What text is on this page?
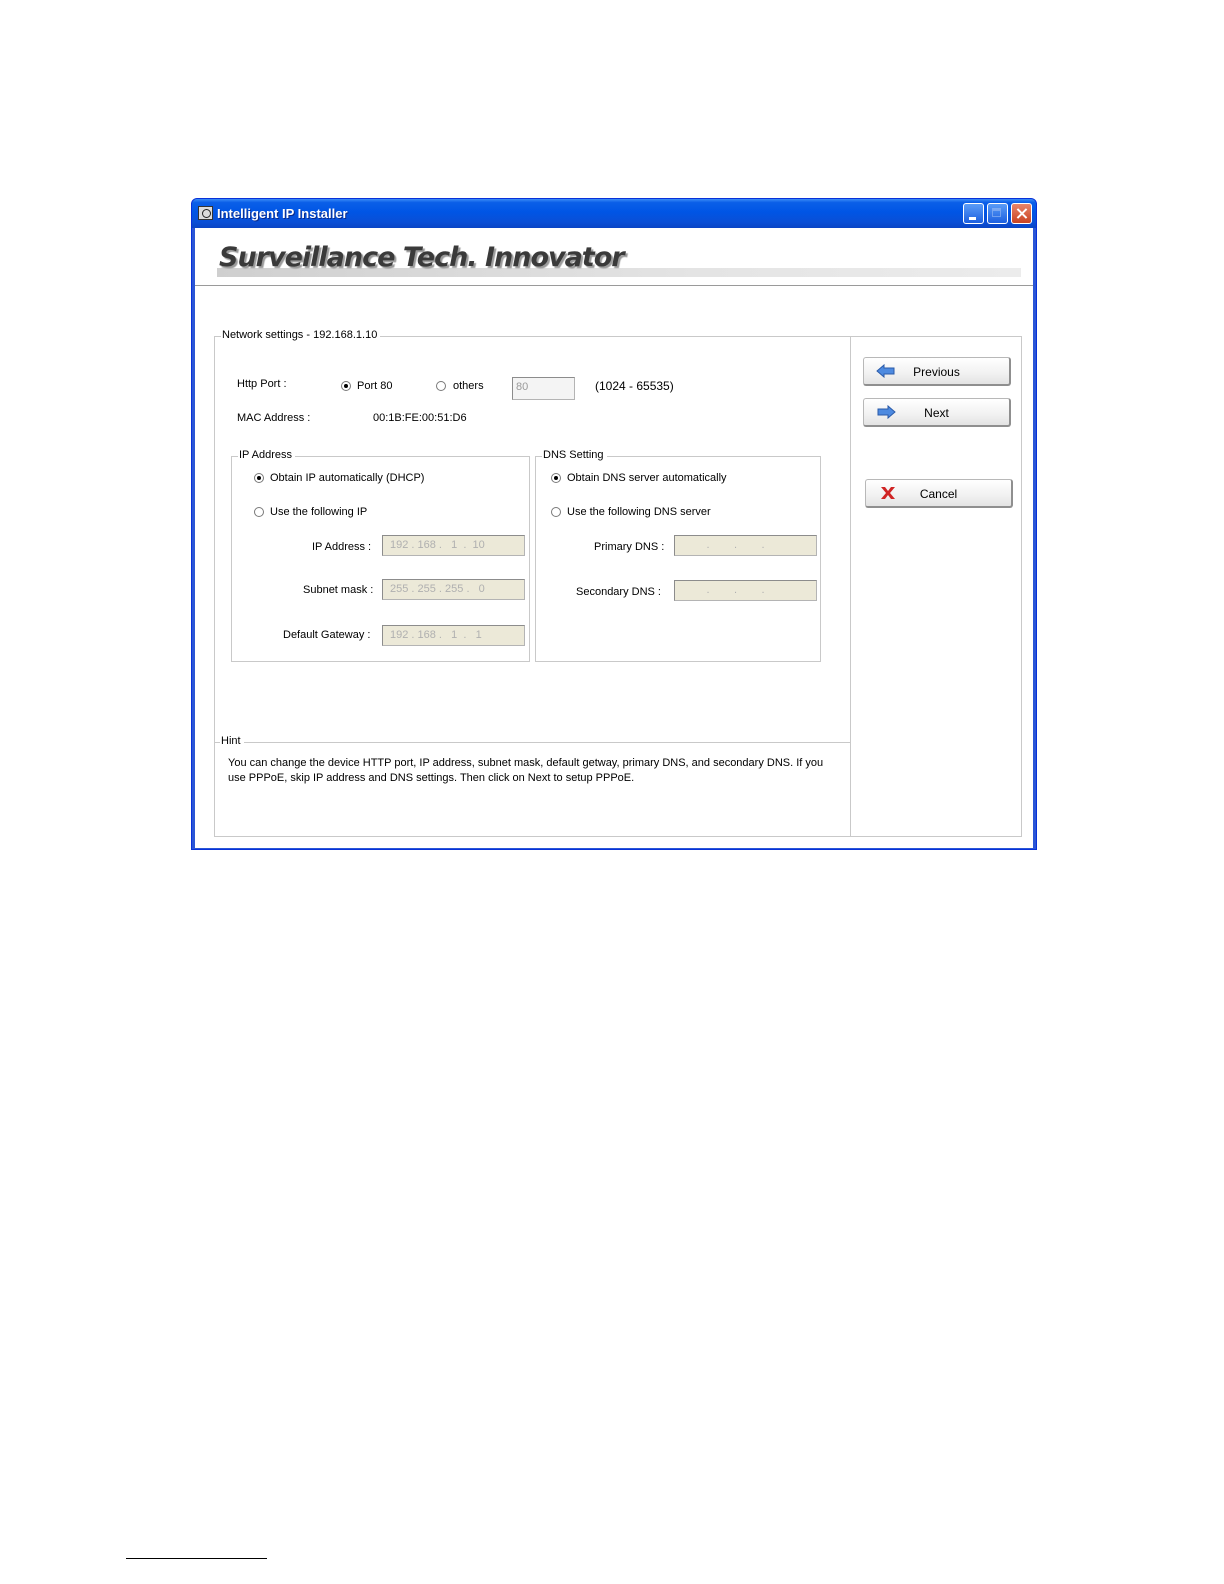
Intelligent IP Installer
Surveillance Tech. Innovator
Network settings - 192.168.1.10
Http Port :	Port 80	others	80	(1024 - 65535)
MAC Address :	00:1B:FE:00:51:D6
IP Address
Obtain IP automatically (DHCP)
Use the following IP
IP Address :	192 . 168 .   1  .  10
Subnet mask :	255 . 255 . 255 .   0
Default Gateway :	192 . 168 .   1  .   1
DNS Setting
Obtain DNS server automatically
Use the following DNS server
Primary DNS :	.        .        .
Secondary DNS :	.        .        .
Hint
You can change the device HTTP port, IP address, subnet mask, default getway, primary DNS, and secondary DNS. If you use PPPoE, skip IP address and DNS settings. Then click on Next to setup PPPoE.
Previous
Next
Cancel
